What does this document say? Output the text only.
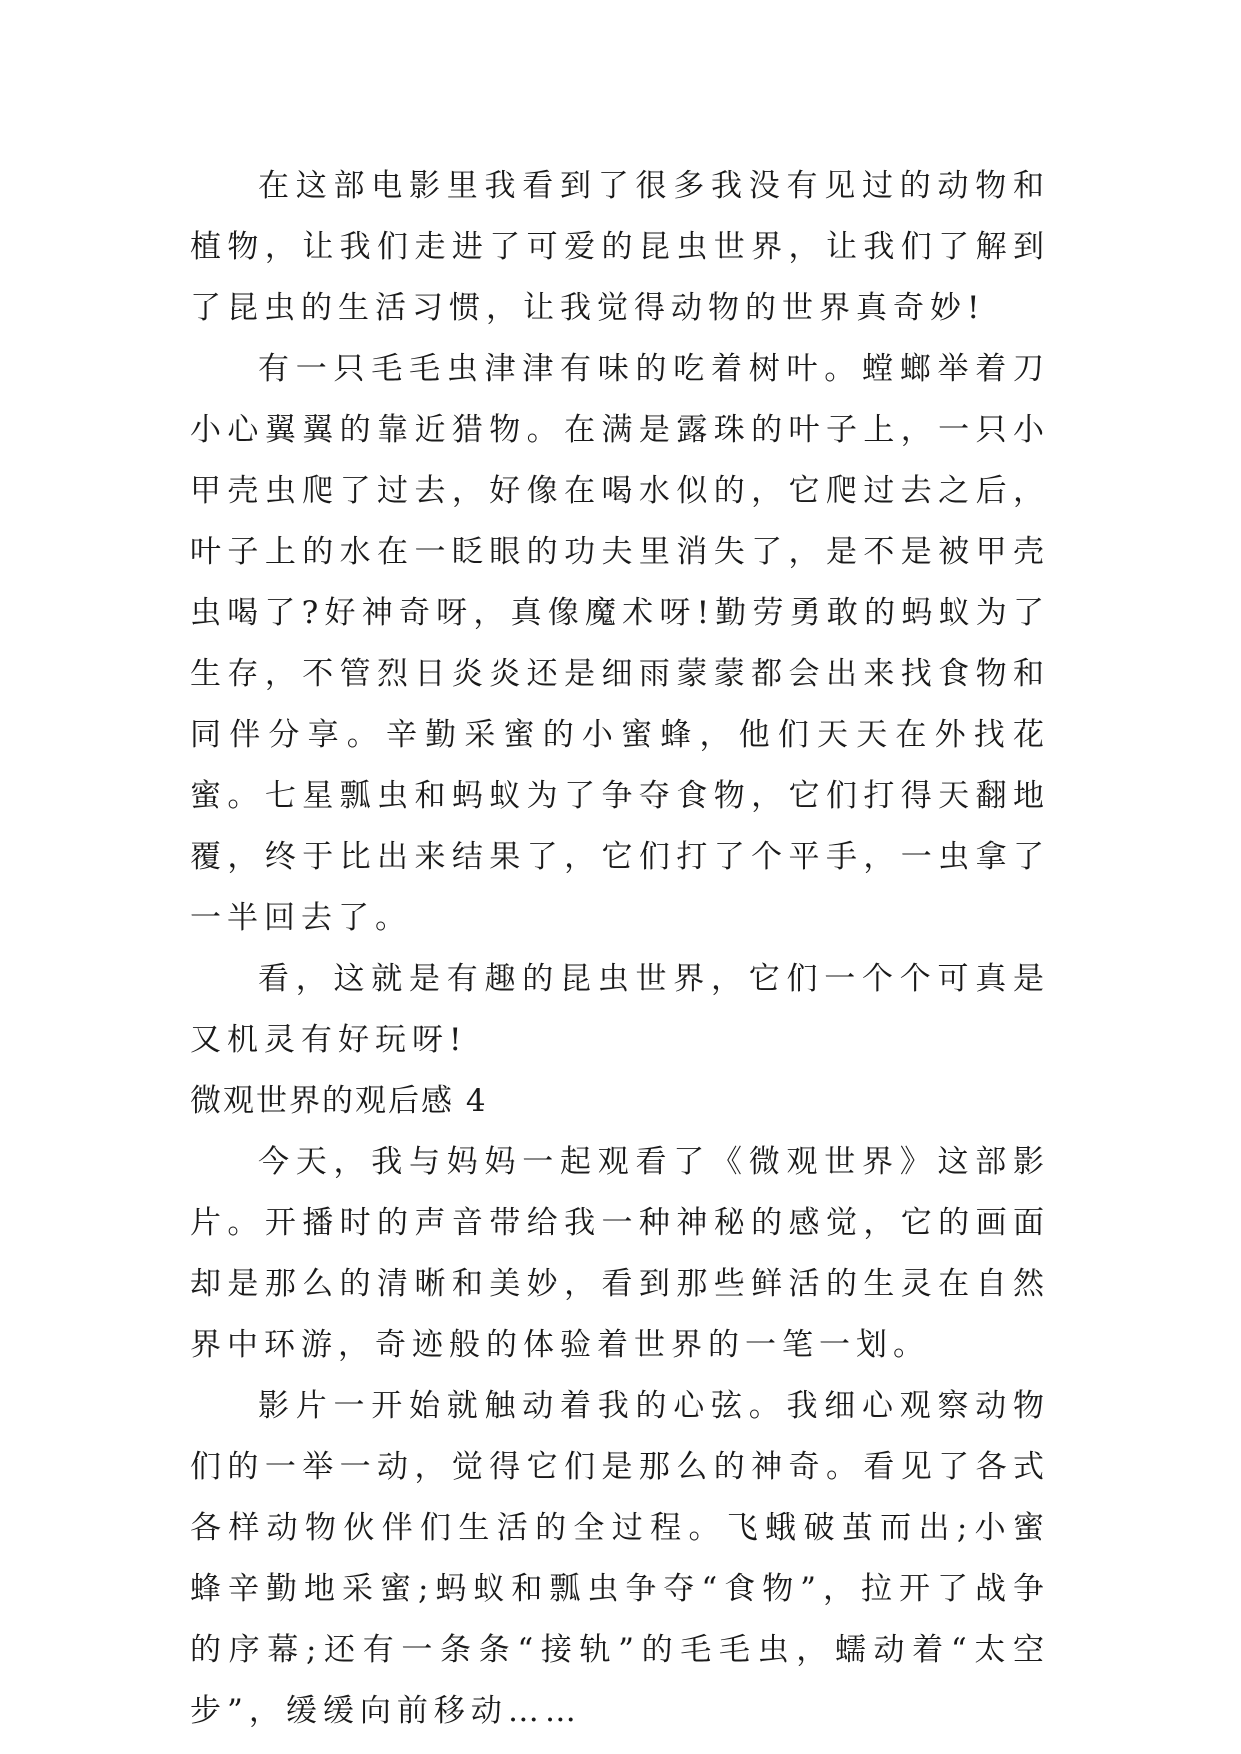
在这部电影里我看到了很多我没有见过的动物和植物，让我们走进了可爱的昆虫世界，让我们了解到了昆虫的生活习惯，让我觉得动物的世界真奇妙!

有一只毛毛虫津津有味的吃着树叶。螳螂举着刀小心翼翼的靠近猎物。在满是露珠的叶子上，一只小甲壳虫爬了过去，好像在喝水似的，它爬过去之后，叶子上的水在一眨眼的功夫里消失了，是不是被甲壳虫喝了?好神奇呀，真像魔术呀!勤劳勇敢的蚂蚁为了生存，不管烈日炎炎还是细雨蒙蒙都会出来找食物和同伴分享。辛勤采蜜的小蜜蜂，他们天天在外找花蜜。七星瓢虫和蚂蚁为了争夺食物，它们打得天翻地覆，终于比出来结果了，它们打了个平手，一虫拿了一半回去了。

看，这就是有趣的昆虫世界，它们一个个可真是又机灵有好玩呀!

微观世界的观后感 4

今天，我与妈妈一起观看了《微观世界》这部影片。开播时的声音带给我一种神秘的感觉，它的画面却是那么的清晰和美妙，看到那些鲜活的生灵在自然界中环游，奇迹般的体验着世界的一笔一划。

影片一开始就触动着我的心弦。我细心观察动物们的一举一动，觉得它们是那么的神奇。看见了各式各样动物伙伴们生活的全过程。飞蛾破茧而出;小蜜蜂辛勤地采蜜;蚂蚁和瓢虫争夺“食物”，拉开了战争的序幕;还有一条条“接轨”的毛毛虫，蠕动着“太空步”，缓缓向前移动……
